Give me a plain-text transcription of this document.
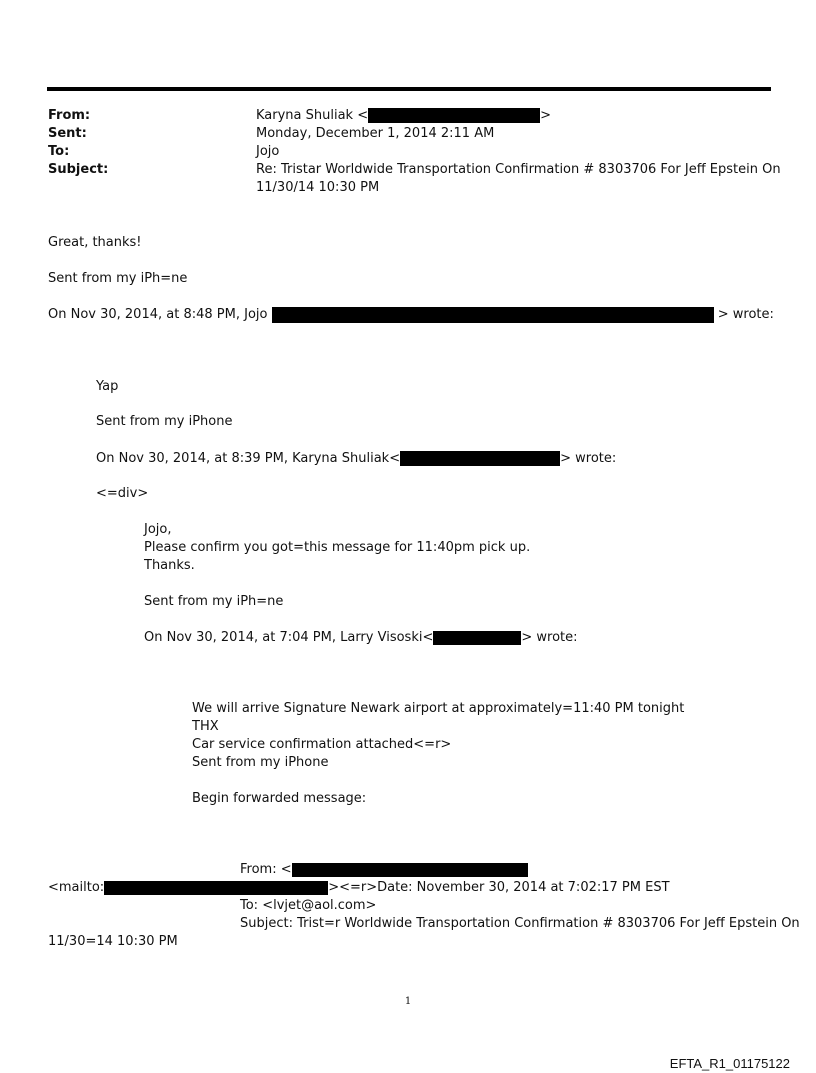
From:	Karyna Shuliak <	>
Sent:	Monday, December 1, 2014 2:11 AM
To:	Jojo
Subject:	Re: Tristar Worldwide Transportation Confirmation # 8303706 For Jeff Epstein On
11/30/14 10:30 PM
Great, thanks!
Sent from my iPh=ne
On Nov 30, 2014, at 8:48 PM, Jojo	> wrote:
Yap
Sent from my iPhone
On Nov 30, 2014, at 8:39 PM, Karyna Shuliak<	> wrote:
<=div>
Jojo,
Please confirm you got=this message for 11:40pm pick up.
Thanks.
Sent from my iPh=ne
On Nov 30, 2014, at 7:04 PM, Larry Visoski<	> wrote:
We will arrive Signature Newark airport at approximately=11:40 PM tonight
THX
Car service confirmation attached<=r>
Sent from my iPhone
Begin forwarded message:
From: <
<mailto:	><=r>Date: November 30, 2014 at 7:02:17 PM EST
To: <lvjet@aol.com>
Subject: Trist=r Worldwide Transportation Confirmation # 8303706 For Jeff Epstein On
11/30=14 10:30 PM
1
EFTA_R1_01175122
